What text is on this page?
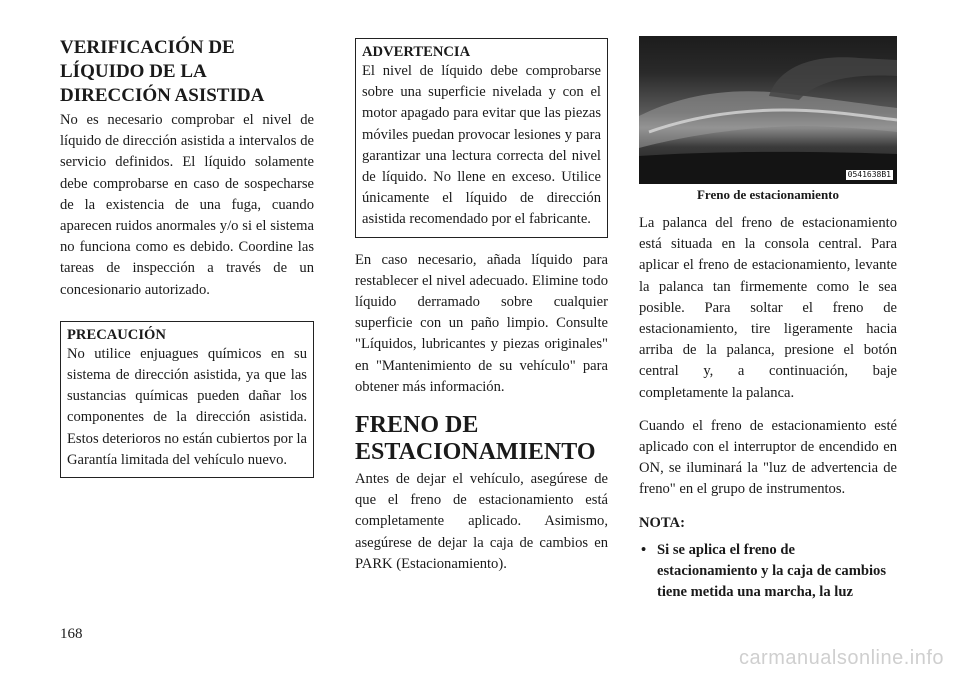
VERIFICACIÓN DE LÍQUIDO DE LA DIRECCIÓN ASISTIDA

No es necesario comprobar el nivel de líquido de dirección asistida a intervalos de servicio definidos. El líquido solamente debe comprobarse en caso de sospecharse de la existencia de una fuga, cuando aparecen ruidos anormales y/o si el sistema no funciona como es debido. Coordine las tareas de inspección a través de un concesionario autorizado.

PRECAUCIÓN
No utilice enjuagues químicos en su sistema de dirección asistida, ya que las sustancias químicas pueden dañar los componentes de la dirección asistida. Estos deterioros no están cubiertos por la Garantía limitada del vehículo nuevo.
ADVERTENCIA
El nivel de líquido debe comprobarse sobre una superficie nivelada y con el motor apagado para evitar que las piezas móviles puedan provocar lesiones y para garantizar una lectura correcta del nivel de líquido. No llene en exceso. Utilice únicamente el líquido de dirección asistida recomendado por el fabricante.

En caso necesario, añada líquido para restablecer el nivel adecuado. Elimine todo líquido derramado sobre cualquier superficie con un paño limpio. Consulte "Líquidos, lubricantes y piezas originales" en "Mantenimiento de su vehículo" para obtener más información.

FRENO DE ESTACIONAMIENTO

Antes de dejar el vehículo, asegúrese de que el freno de estacionamiento está completamente aplicado. Asimismo, asegúrese de dejar la caja de cambios en PARK (Estacionamiento).

0541638B1
Freno de estacionamiento

La palanca del freno de estacionamiento está situada en la consola central. Para aplicar el freno de estacionamiento, levante la palanca tan firmemente como le sea posible. Para soltar el freno de estacionamiento, tire ligeramente hacia arriba de la palanca, presione el botón central y, a continuación, baje completamente la palanca.

Cuando el freno de estacionamiento esté aplicado con el interruptor de encendido en ON, se iluminará la "luz de advertencia de freno" en el grupo de instrumentos.

NOTA:
• Si se aplica el freno de estacionamiento y la caja de cambios tiene metida una marcha, la luz
168
carmanualsonline.info
